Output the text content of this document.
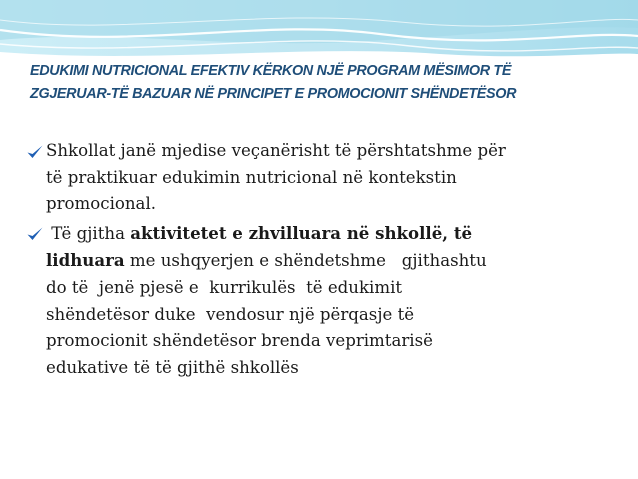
EDUKIMI NUTRICIONAL EFEKTIV KËRKON NJË PROGRAM MËSIMOR TË
ZGJERUAR-TË BAZUAR NË PRINCIPET E PROMOCIONIT SHËNDETËSOR
Shkollat janë mjedise veçanërisht të përshtatshme për
të praktikuar edukimin nutricional në kontekstin
promocional.
Të gjitha aktivitetet e zhvilluara në shkollë, të
lidhuara me ushqyerjen e shëndetshme   gjithashtu
do të  jenë pjesë e  kurrikulës  të edukimit
shëndetësor duke  vendosur një përqasje të
promocionit shëndetësor brenda veprimtarisë
edukative të të gjithë shkollës
